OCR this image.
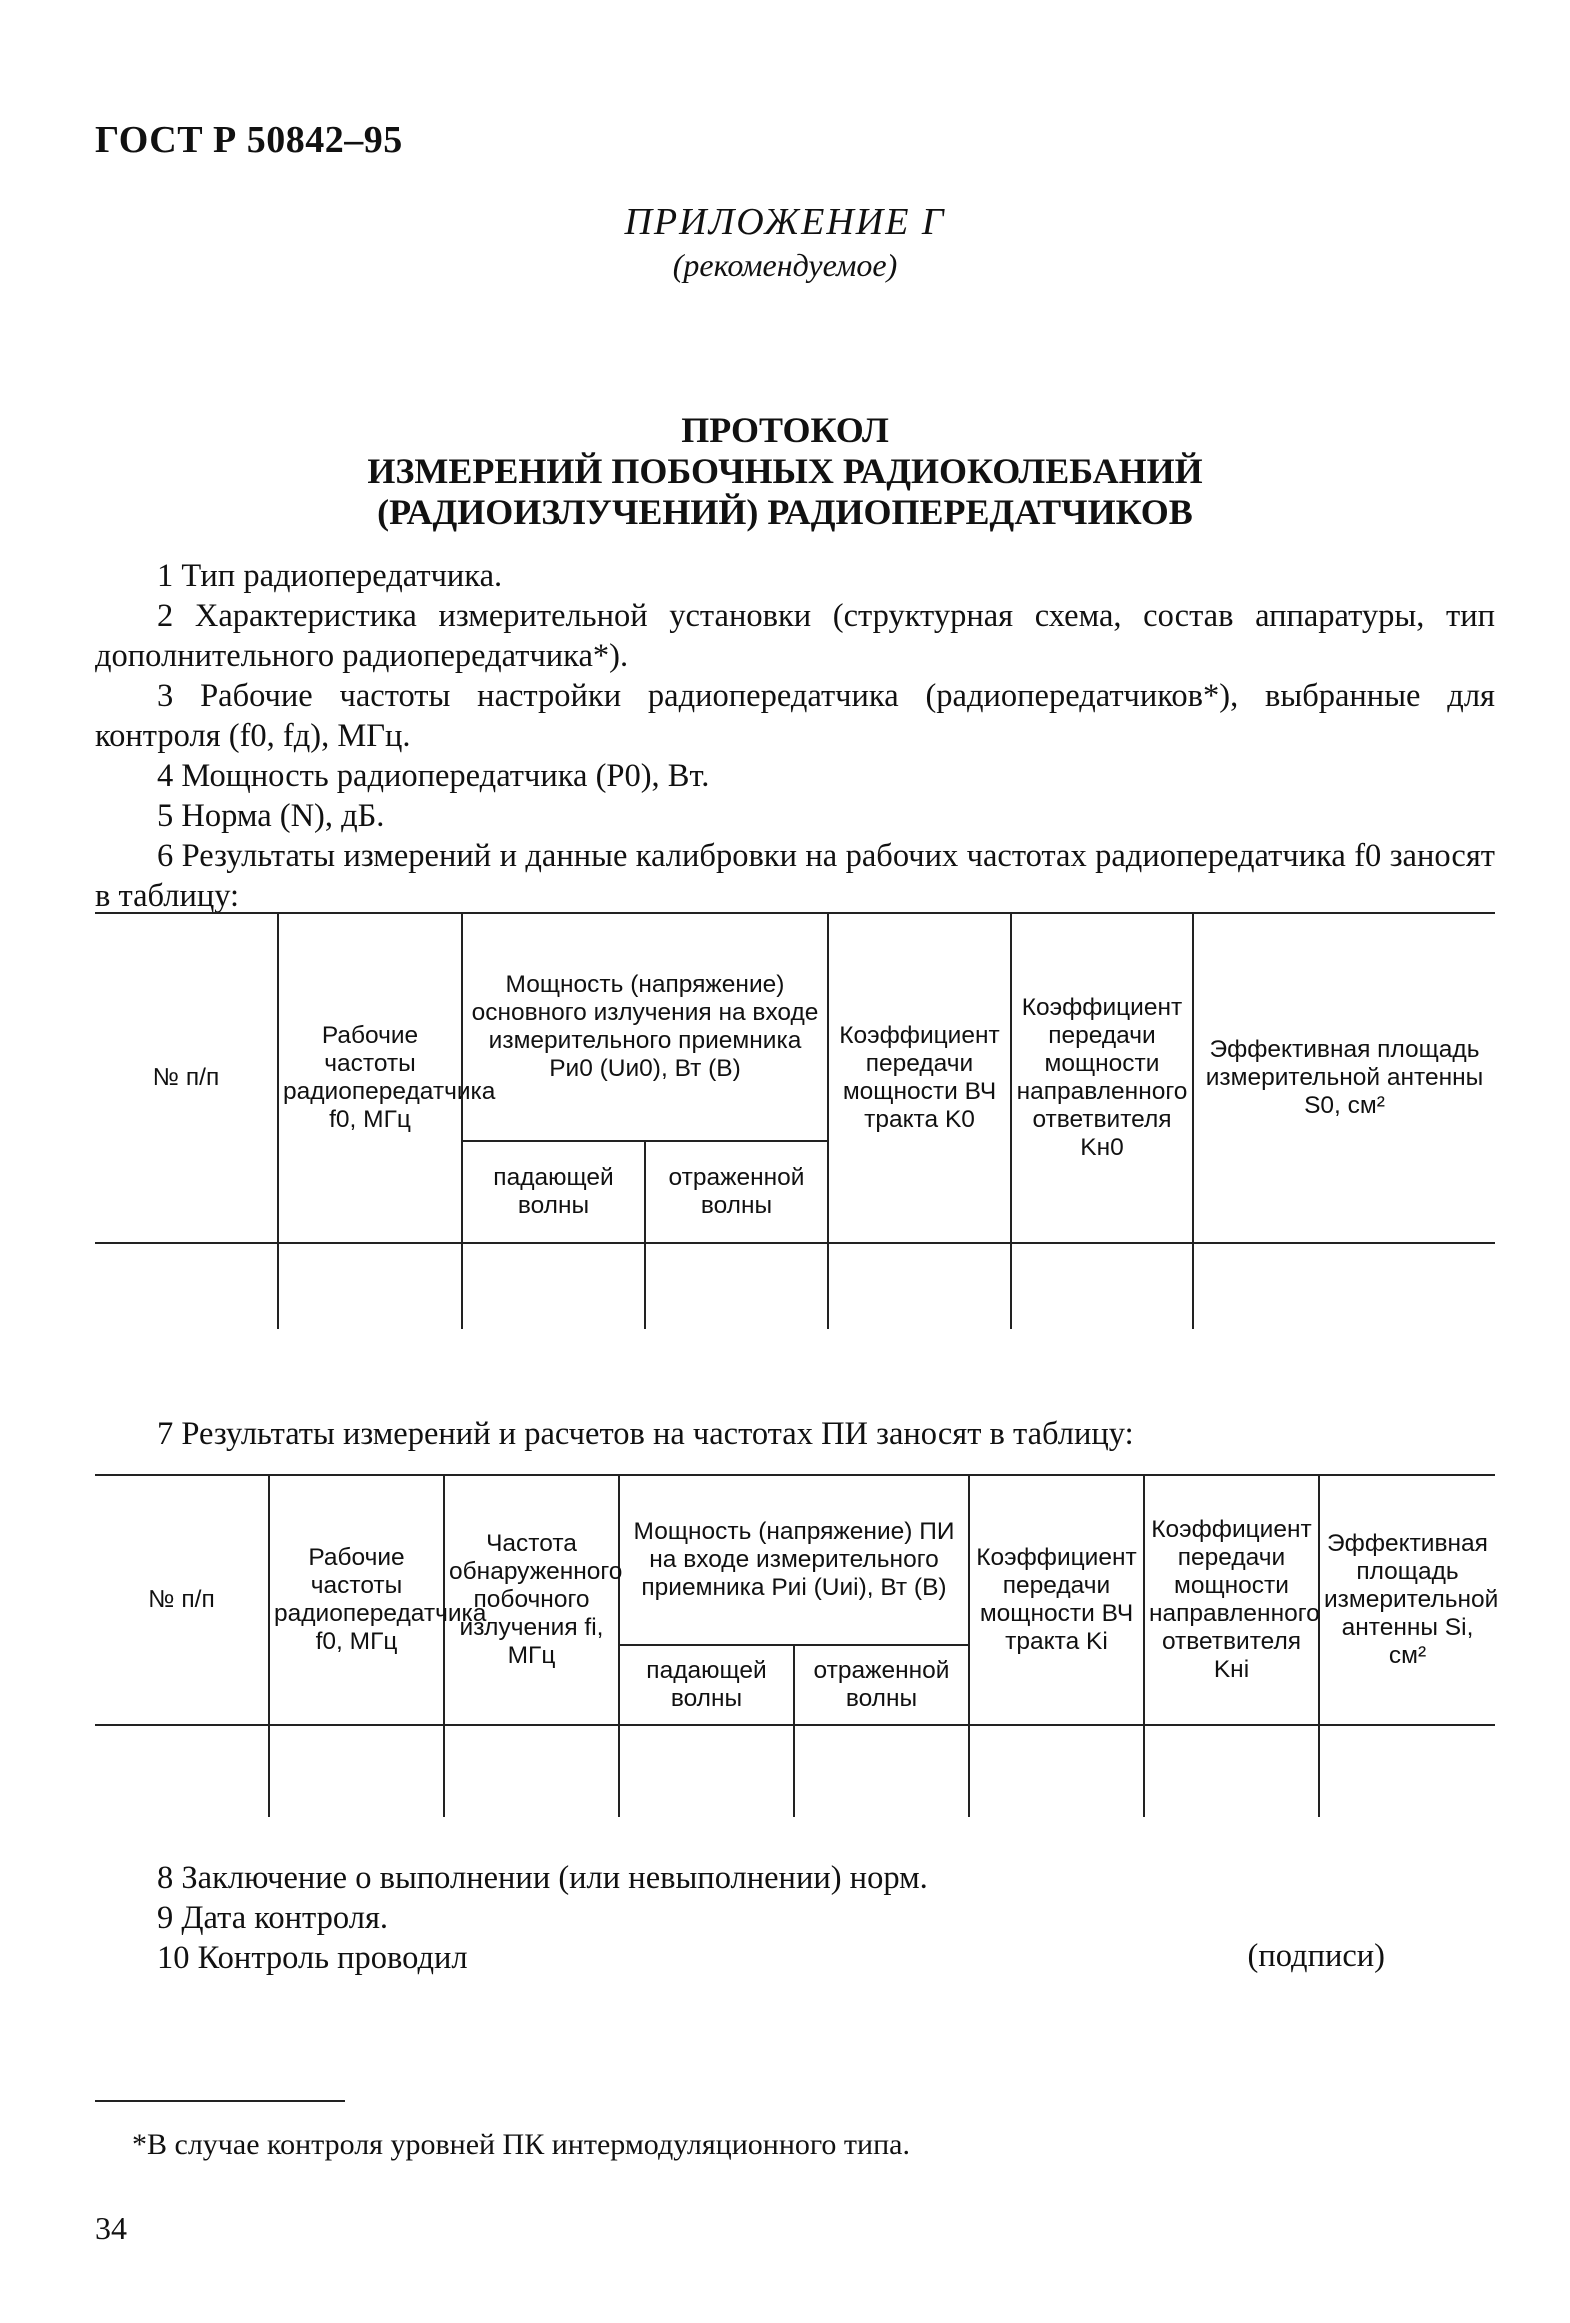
ГОСТ Р 50842–95
ПРИЛОЖЕНИЕ Г
(рекомендуемое)
ПРОТОКОЛ
ИЗМЕРЕНИЙ ПОБОЧНЫХ РАДИОКОЛЕБАНИЙ
(РАДИОИЗЛУЧЕНИЙ) РАДИОПЕРЕДАТЧИКОВ

1 Тип радиопередатчика.

2 Характеристика измерительной установки (структурная схема, состав аппаратуры, тип дополнительного радиопередатчика*).

3 Рабочие частоты настройки радиопередатчика (радиопередатчиков*), выбранные для контроля (f0, fд), МГц.

4 Мощность радиопередатчика (P0), Вт.

5 Норма (N), дБ.

6 Результаты измерений и данные калибровки на рабочих частотах радиопередатчика f0 заносят в таблицу:

№ п/п	Рабочие частоты радиопередатчика f0, МГц	Мощность (напряжение) основного излучения на входе измерительного приемника Pи0 (Uи0), Вт (В)		Коэффициент передачи мощности ВЧ тракта K0	Коэффициент передачи мощности направленного ответвителя Kн0	Эффективная площадь измерительной антенны S0, см²
		падающей волны	отраженной волны			

7 Результаты измерений и расчетов на частотах ПИ заносят в таблицу:
№ п/п	Рабочие частоты радиопередатчика f0, МГц	Частота обнаруженного побочного излучения fi, МГц	Мощность (напряжение) ПИ на входе измерительного приемника Pиi (Uиi), Вт (В)		Коэффициент передачи мощности ВЧ тракта Ki	Коэффициент передачи мощности направленного ответвителя Kнi	Эффективная площадь измерительной антенны Si, см²
			падающей волны	отраженной волны			

8 Заключение о выполнении (или невыполнении) норм.

9 Дата контроля.

10 Контроль проводил	(подписи)
*В случае контроля уровней ПК интермодуляционного типа.
34
